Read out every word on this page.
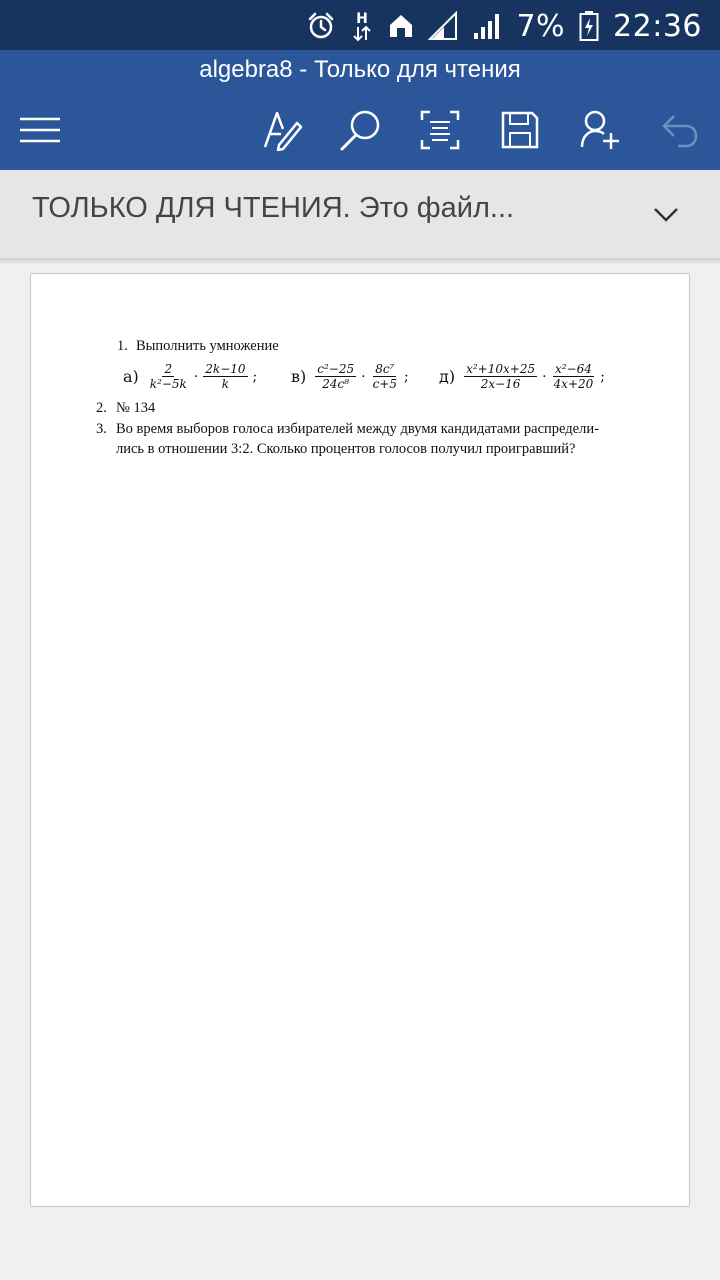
H	7% 22:36
algebra8 - Только для чтения
ТОЛЬКО ДЛЯ ЧТЕНИЯ. Это файл...
1. Выполнить умножение
$а) \frac{2}{\text{k²−5k}} \cdot \frac{2k-10}{k}$ ; $в) \frac{\text{c²−25}}{\text{24c⁸}} \cdot \frac{\text{8c⁷}}{c+5}$ ; $д) \frac{\text{x²+10x+25}}{2x-16} \cdot \frac{\text{x²−64}}{4x+20}$ ;
2. № 134
3. Во время выборов голоса избирателей между двумя кандидатами распредели-
лись в отношении 3:2. Сколько процентов голосов получил проигравший?
